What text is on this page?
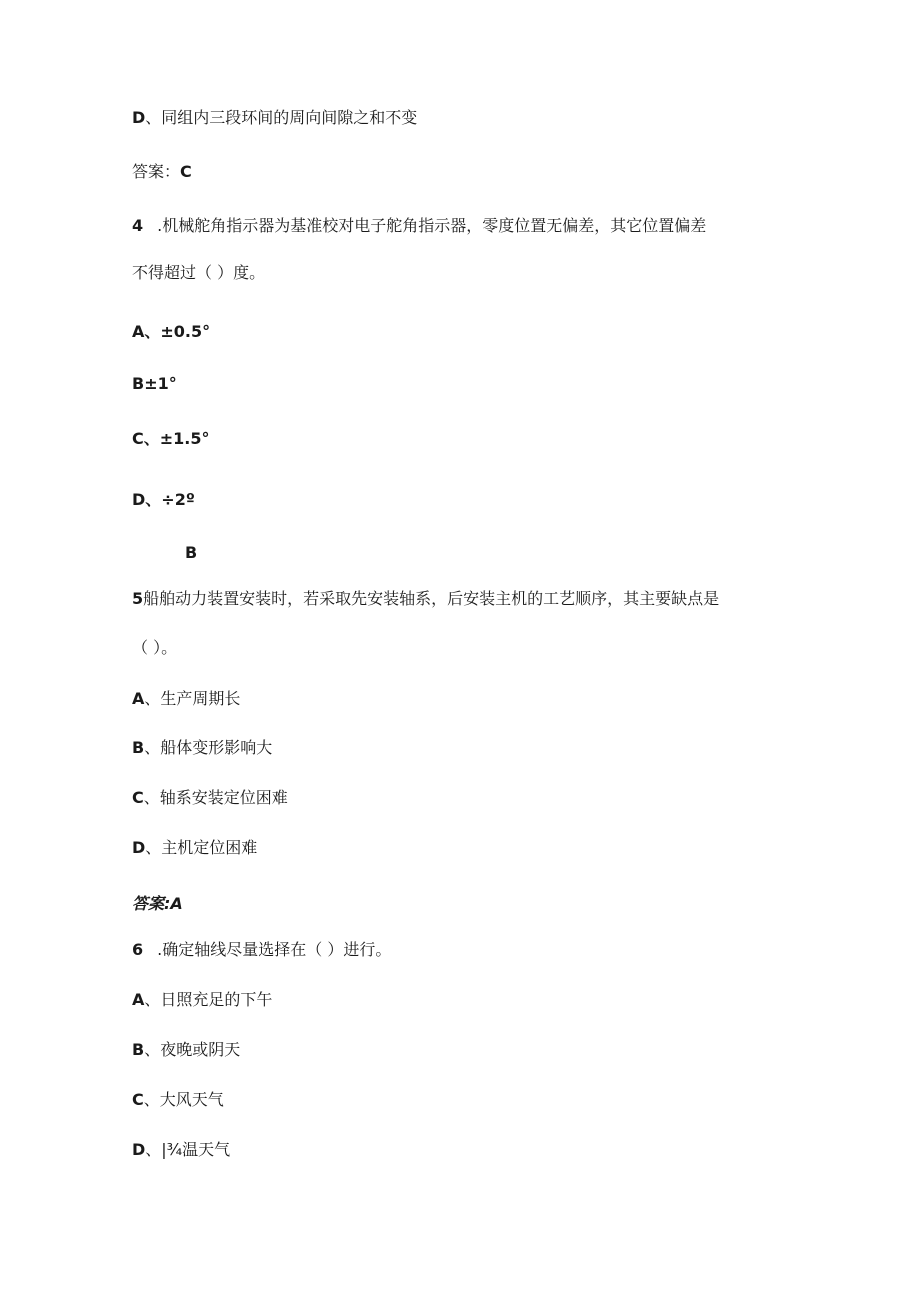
D、同组内三段环间的周向间隙之和不变
答案：C
4 .机械舵角指示器为基准校对电子舵角指示器，零度位置无偏差，其它位置偏差
不得超过（ ）度。
A、±0.5°
B±1°
C、±1.5°
D、÷2º
B
5船舶动力装置安装时，若采取先安装轴系，后安装主机的工艺顺序，其主要缺点是
（ ）。
A、生产周期长
B、船体变形影响大
C、轴系安装定位困难
D、主机定位困难
答案:A
6 .确定轴线尽量选择在（ ）进行。
A、日照充足的下午
B、夜晚或阴天
C、大风天气
D、|¾温天气
